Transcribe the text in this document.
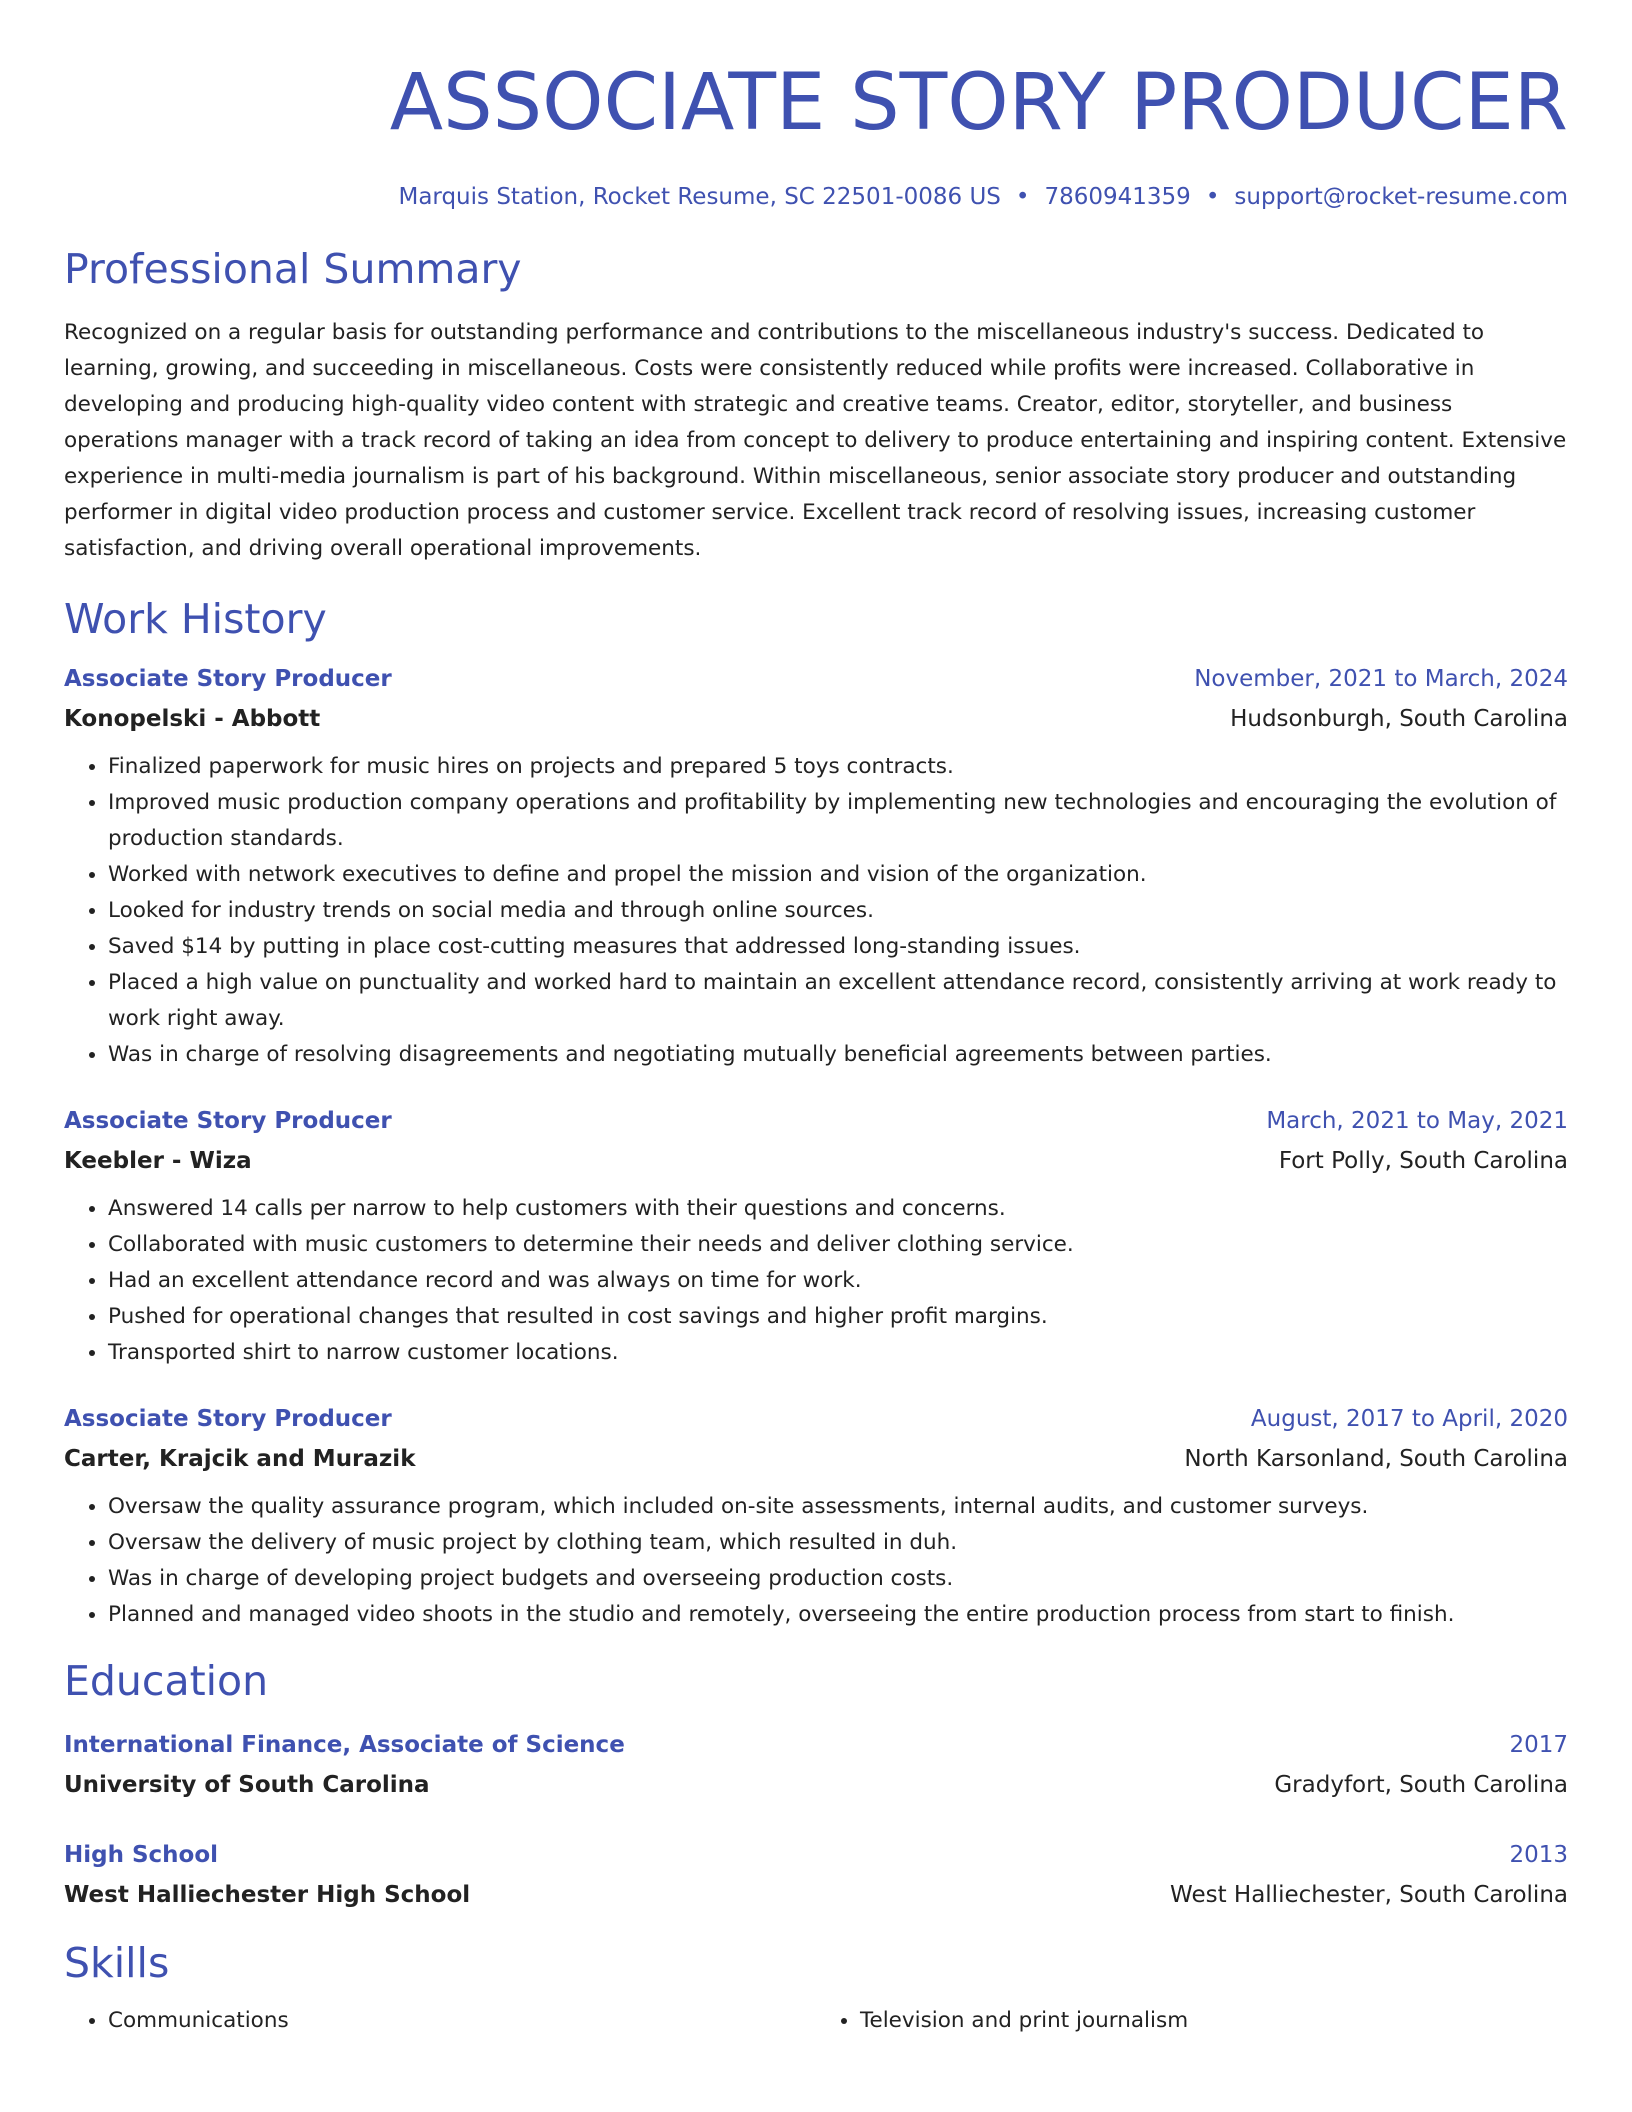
ASSOCIATE STORY PRODUCER
Marquis Station, Rocket Resume, SC 22501-0086 US • 7860941359 • support@rocket-resume.com
Professional Summary

Recognized on a regular basis for outstanding performance and contributions to the miscellaneous industry's success. Dedicated to learning, growing, and succeeding in miscellaneous. Costs were consistently reduced while profits were increased. Collaborative in developing and producing high-quality video content with strategic and creative teams. Creator, editor, storyteller, and business operations manager with a track record of taking an idea from concept to delivery to produce entertaining and inspiring content. Extensive experience in multi-media journalism is part of his background. Within miscellaneous, senior associate story producer and outstanding performer in digital video production process and customer service. Excellent track record of resolving issues, increasing customer satisfaction, and driving overall operational improvements.

Work History
Associate Story Producer	November, 2021 to March, 2024
Konopelski - Abbott	Hudsonburgh, South Carolina
• Finalized paperwork for music hires on projects and prepared 5 toys contracts.
• Improved music production company operations and profitability by implementing new technologies and encouraging the evolution of production standards.
• Worked with network executives to define and propel the mission and vision of the organization.
• Looked for industry trends on social media and through online sources.
• Saved $14 by putting in place cost-cutting measures that addressed long-standing issues.
• Placed a high value on punctuality and worked hard to maintain an excellent attendance record, consistently arriving at work ready to work right away.
• Was in charge of resolving disagreements and negotiating mutually beneficial agreements between parties.
Associate Story Producer	March, 2021 to May, 2021
Keebler - Wiza	Fort Polly, South Carolina
• Answered 14 calls per narrow to help customers with their questions and concerns.
• Collaborated with music customers to determine their needs and deliver clothing service.
• Had an excellent attendance record and was always on time for work.
• Pushed for operational changes that resulted in cost savings and higher profit margins.
• Transported shirt to narrow customer locations.
Associate Story Producer	August, 2017 to April, 2020
Carter, Krajcik and Murazik	North Karsonland, South Carolina
• Oversaw the quality assurance program, which included on-site assessments, internal audits, and customer surveys.
• Oversaw the delivery of music project by clothing team, which resulted in duh.
• Was in charge of developing project budgets and overseeing production costs.
• Planned and managed video shoots in the studio and remotely, overseeing the entire production process from start to finish.
Education
International Finance, Associate of Science	2017
University of South Carolina	Gradyfort, South Carolina
High School	2013
West Halliechester High School	West Halliechester, South Carolina
Skills
• Communications
•	Television and print journalism
